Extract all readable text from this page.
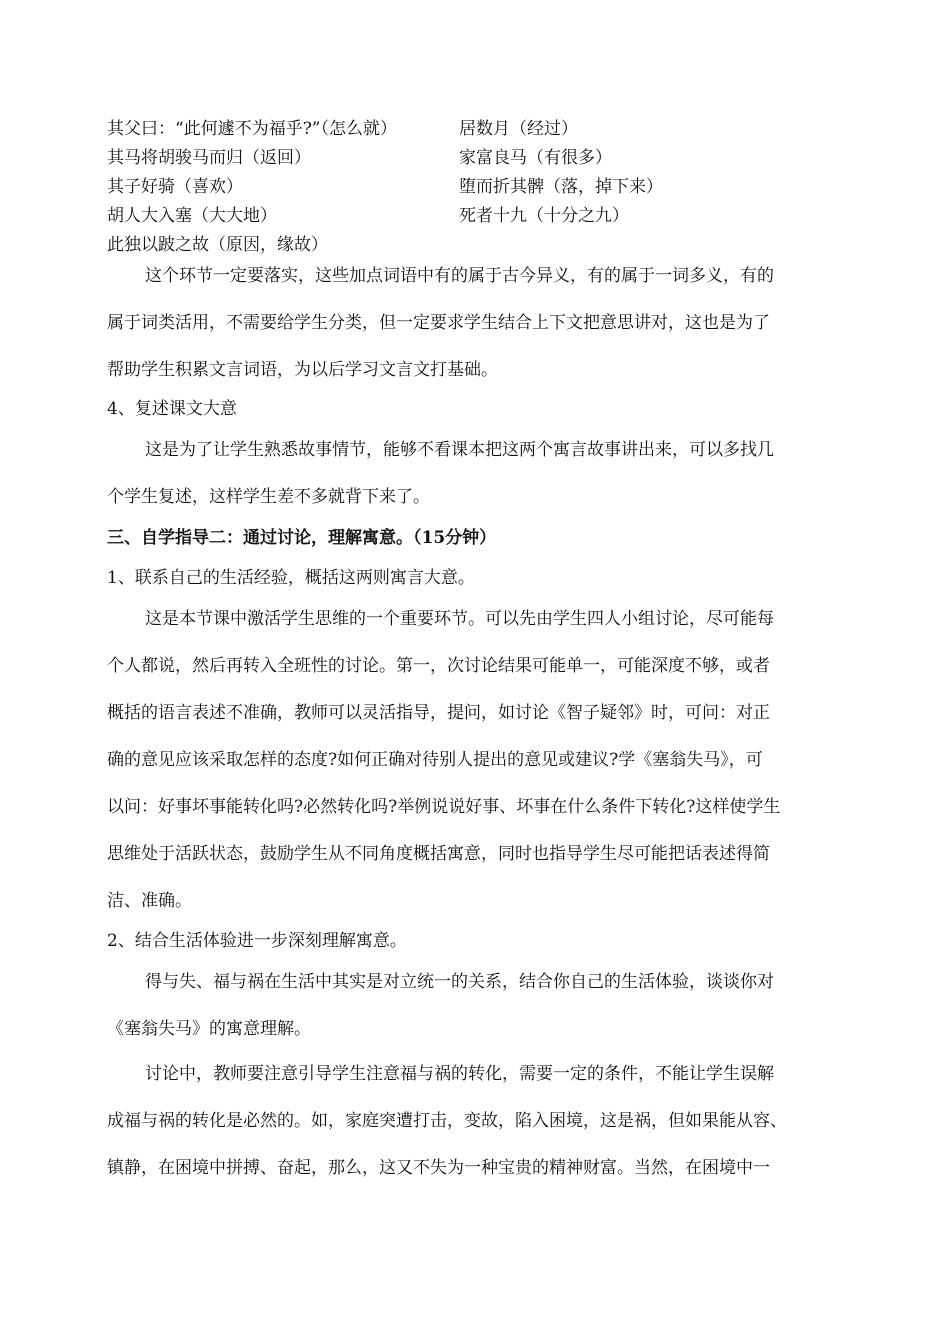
其父曰：“此何遽不为福乎?”（怎么就）
其马将胡骏马而归（返回）
其子好骑（喜欢）
胡人大入塞（大大地）
此独以跛之故（原因，缘故）
居数月（经过）
家富良马（有很多）
堕而折其髀（落，掉下来）
死者十九（十分之九）
这个环节一定要落实，这些加点词语中有的属于古今异义，有的属于一词多义，有的
属于词类活用，不需要给学生分类，但一定要求学生结合上下文把意思讲对，这也是为了
帮助学生积累文言词语，为以后学习文言文打基础。
4、复述课文大意
这是为了让学生熟悉故事情节，能够不看课本把这两个寓言故事讲出来，可以多找几
个学生复述，这样学生差不多就背下来了。
三、自学指导二：通过讨论，理解寓意。（15分钟）
1、联系自己的生活经验，概括这两则寓言大意。
这是本节课中激活学生思维的一个重要环节。可以先由学生四人小组讨论，尽可能每
个人都说，然后再转入全班性的讨论。第一，次讨论结果可能单一，可能深度不够，或者
概括的语言表述不准确，教师可以灵活指导，提问，如讨论《智子疑邻》时，可问：对正
确的意见应该采取怎样的态度?如何正确对待别人提出的意见或建议?学《塞翁失马》，可
以问：好事坏事能转化吗?必然转化吗?举例说说好事、坏事在什么条件下转化?这样使学生
思维处于活跃状态，鼓励学生从不同角度概括寓意，同时也指导学生尽可能把话表述得简
洁、准确。
2、结合生活体验进一步深刻理解寓意。
得与失、福与祸在生活中其实是对立统一的关系，结合你自己的生活体验，谈谈你对
《塞翁失马》的寓意理解。
讨论中，教师要注意引导学生注意福与祸的转化，需要一定的条件，不能让学生误解
成福与祸的转化是必然的。如，家庭突遭打击，变故，陷入困境，这是祸，但如果能从容、
镇静，在困境中拼搏、奋起，那么，这又不失为一种宝贵的精神财富。当然，在困境中一
